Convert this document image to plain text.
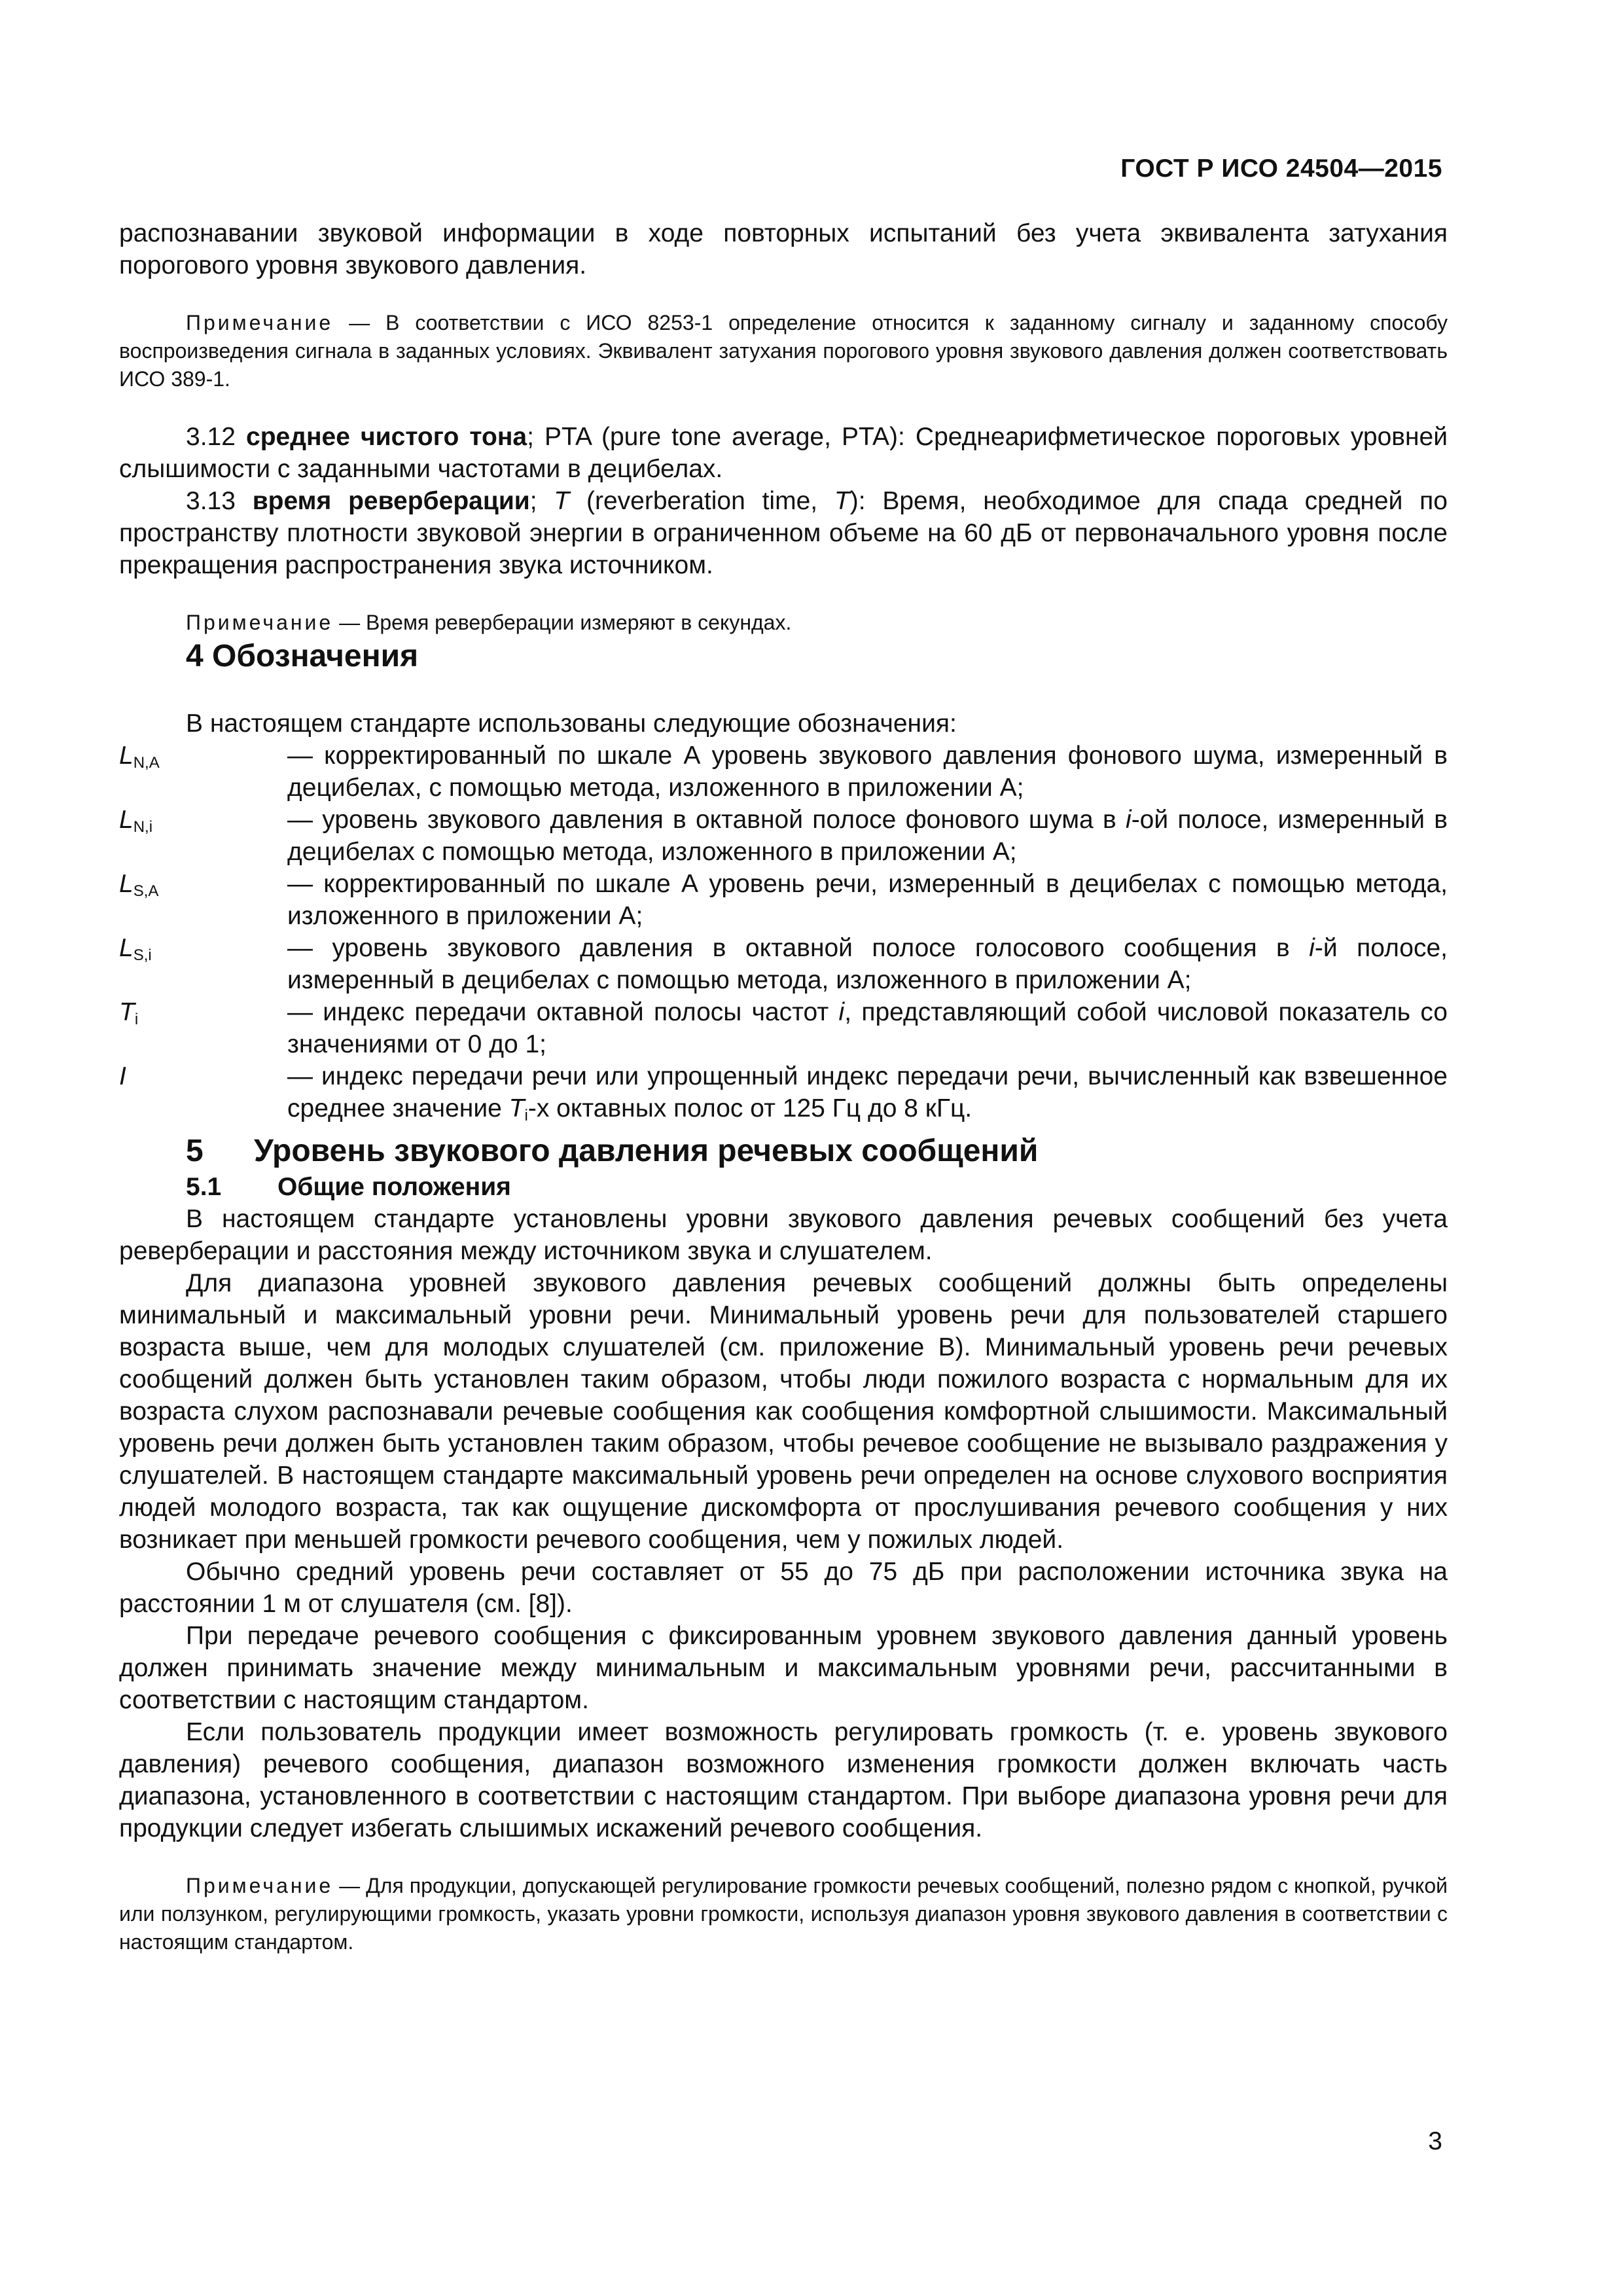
ГОСТ Р ИСО 24504—2015

распознавании звуковой информации в ходе повторных испытаний без учета эквивалента затухания порогового уровня звукового давления.

Примечание — В соответствии с ИСО 8253-1 определение относится к заданному сигналу и заданному способу воспроизведения сигнала в заданных условиях. Эквивалент затухания порогового уровня звукового давления должен соответствовать ИСО 389-1.

3.12 среднее чистого тона; PTA (pure tone average, PTA): Среднеарифметическое пороговых уровней слышимости с заданными частотами в децибелах.

3.13 время реверберации; T (reverberation time, T): Время, необходимое для спада средней по пространству плотности звуковой энергии в ограниченном объеме на 60 дБ от первоначального уровня после прекращения распространения звука источником.

Примечание — Время реверберации измеряют в секундах.

4 Обозначения

В настоящем стандарте использованы следующие обозначения:

$L_{N,A}$	— корректированный по шкале А уровень звукового давления фонового шума, измеренный в децибелах, с помощью метода, изложенного в приложении А;
$L_{N,i}$	— уровень звукового давления в октавной полосе фонового шума в i-ой полосе, измеренный в децибелах с помощью метода, изложенного в приложении А;
$L_{S,A}$	— корректированный по шкале А уровень речи, измеренный в децибелах с помощью метода, изложенного в приложении А;
$L_{S,i}$	— уровень звукового давления в октавной полосе голосового сообщения в i-й полосе, измеренный в децибелах с помощью метода, изложенного в приложении А;
$T_i$	— индекс передачи октавной полосы частот i, представляющий собой числовой показатель со значениями от 0 до 1;
I	— индекс передачи речи или упрощенный индекс передачи речи, вычисленный как взвешенное среднее значение $T_i-х$ октавных полос от 125 Гц до 8 кГц.
5 Уровень звукового давления речевых сообщений
5.1 Общие положения

В настоящем стандарте установлены уровни звукового давления речевых сообщений без учета реверберации и расстояния между источником звука и слушателем.

Для диапазона уровней звукового давления речевых сообщений должны быть определены минимальный и максимальный уровни речи. Минимальный уровень речи для пользователей старшего возраста выше, чем для молодых слушателей (см. приложение В). Минимальный уровень речи речевых сообщений должен быть установлен таким образом, чтобы люди пожилого возраста с нормальным для их возраста слухом распознавали речевые сообщения как сообщения комфортной слышимости. Максимальный уровень речи должен быть установлен таким образом, чтобы речевое сообщение не вызывало раздражения у слушателей. В настоящем стандарте максимальный уровень речи определен на основе слухового восприятия людей молодого возраста, так как ощущение дискомфорта от прослушивания речевого сообщения у них возникает при меньшей громкости речевого сообщения, чем у пожилых людей.

Обычно средний уровень речи составляет от 55 до 75 дБ при расположении источника звука на расстоянии 1 м от слушателя (см. [8]).

При передаче речевого сообщения с фиксированным уровнем звукового давления данный уровень должен принимать значение между минимальным и максимальным уровнями речи, рассчитанными в соответствии с настоящим стандартом.

Если пользователь продукции имеет возможность регулировать громкость (т. е. уровень звукового давления) речевого сообщения, диапазон возможного изменения громкости должен включать часть диапазона, установленного в соответствии с настоящим стандартом. При выборе диапазона уровня речи для продукции следует избегать слышимых искажений речевого сообщения.

Примечание — Для продукции, допускающей регулирование громкости речевых сообщений, полезно рядом с кнопкой, ручкой или ползунком, регулирующими громкость, указать уровни громкости, используя диапазон уровня звукового давления в соответствии с настоящим стандартом.

3
